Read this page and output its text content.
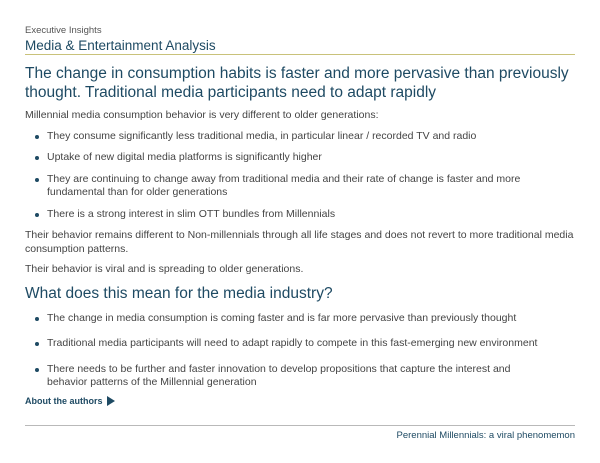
Executive Insights
Media & Entertainment Analysis
The change in consumption habits is faster and more pervasive than previously thought. Traditional media participants need to adapt rapidly

Millennial media consumption behavior is very different to older generations:

They consume significantly less traditional media, in particular linear / recorded TV and radio
Uptake of new digital media platforms is significantly higher
They are continuing to change away from traditional media and their rate of change is faster and more fundamental than for older generations
There is a strong interest in slim OTT bundles from Millennials

Their behavior remains different to Non-millennials through all life stages and does not revert to more traditional media consumption patterns.

Their behavior is viral and is spreading to older generations.

What does this mean for the media industry?
The change in media consumption is coming faster and is far more pervasive than previously thought
Traditional media participants will need to adapt rapidly to compete in this fast-emerging new environment
There needs to be further and faster innovation to develop propositions that capture the interest and behavior patterns of the Millennial generation
About the authors
Perennial Millennials: a viral phenomemon
